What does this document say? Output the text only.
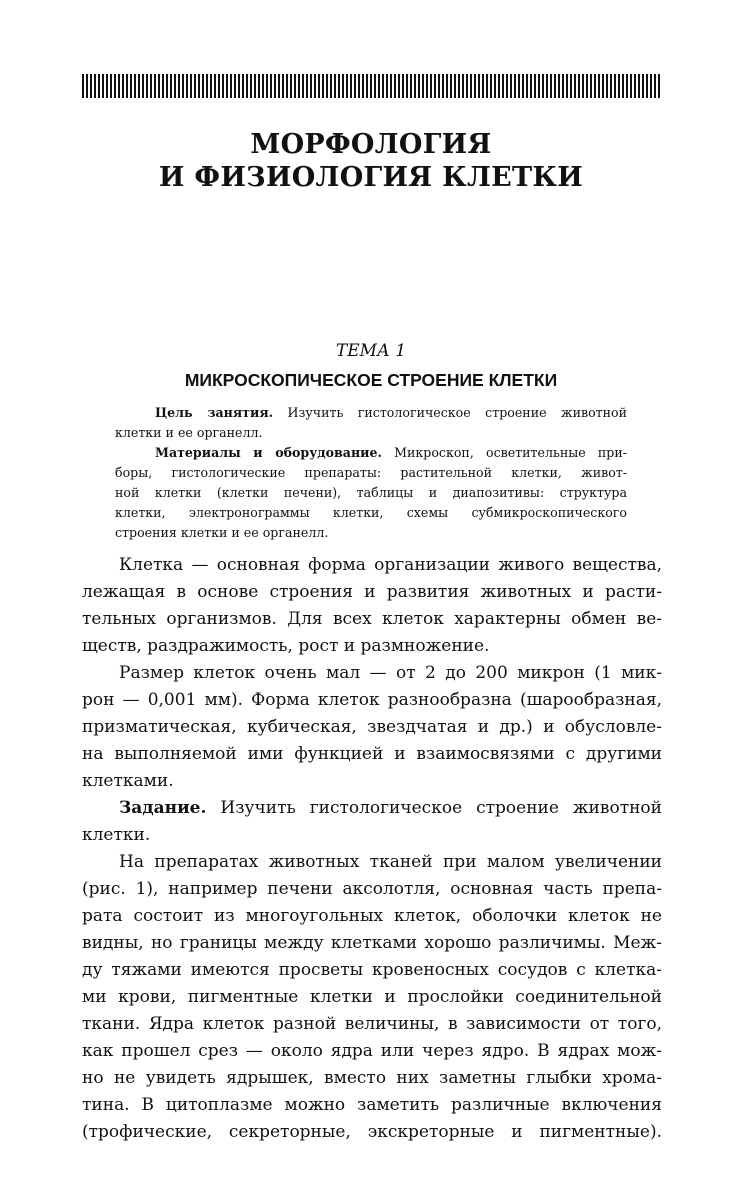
МОРФОЛОГИЯ
И ФИЗИОЛОГИЯ КЛЕТКИ
ТЕМА 1
МИКРОСКОПИЧЕСКОЕ СТРОЕНИЕ КЛЕТКИ
Цель занятия. Изучить гистологическое строение животной
клетки и ее органелл.
Материалы и оборудование. Микроскоп, осветительные при-
боры, гистологические препараты: растительной клетки, живот-
ной клетки (клетки печени), таблицы и диапозитивы: структура
клетки, электронограммы клетки, схемы субмикроскопического
строения клетки и ее органелл.
Клетка — основная форма организации живого вещества,
лежащая в основе строения и развития животных и расти-
тельных организмов. Для всех клеток характерны обмен ве-
ществ, раздражимость, рост и размножение.
Размер клеток очень мал — от 2 до 200 микрон (1 мик-
рон — 0,001 мм). Форма клеток разнообразна (шарообразная,
призматическая, кубическая, звездчатая и др.) и обусловле-
на выполняемой ими функцией и взаимосвязями с другими
клетками.
Задание. Изучить гистологическое строение животной
клетки.
На препаратах животных тканей при малом увеличении
(рис. 1), например печени аксолотля, основная часть препа-
рата состоит из многоугольных клеток, оболочки клеток не
видны, но границы между клетками хорошо различимы. Меж-
ду тяжами имеются просветы кровеносных сосудов с клетка-
ми крови, пигментные клетки и прослойки соединительной
ткани. Ядра клеток разной величины, в зависимости от того,
как прошел срез — около ядра или через ядро. В ядрах мож-
но не увидеть ядрышек, вместо них заметны глыбки хрома-
тина. В цитоплазме можно заметить различные включения
(трофические, секреторные, экскреторные и пигментные).
